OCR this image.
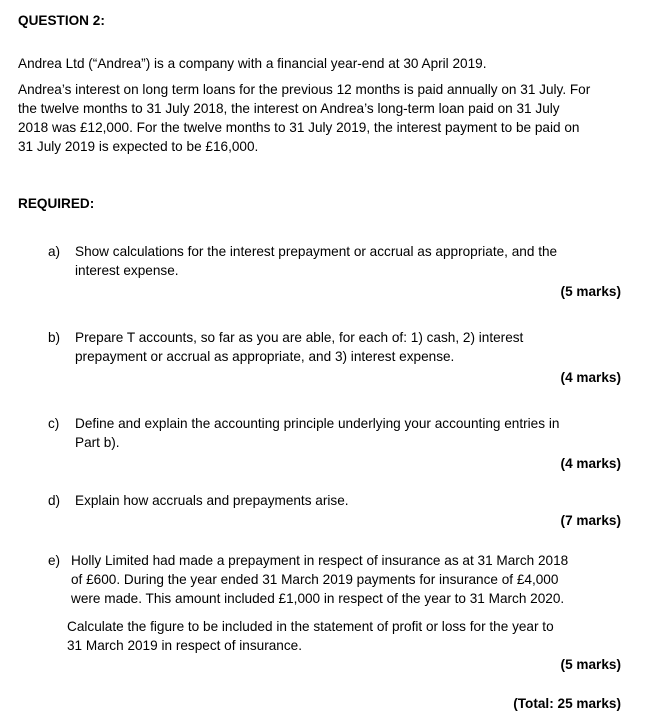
QUESTION 2:
Andrea Ltd (“Andrea”) is a company with a financial year-end at 30 April 2019.
Andrea’s interest on long term loans for the previous 12 months is paid annually on 31 July. For
the twelve months to 31 July 2018, the interest on Andrea’s long-term loan paid on 31 July
2018 was £12,000. For the twelve months to 31 July 2019, the interest payment to be paid on
31 July 2019 is expected to be £16,000.
REQUIRED:
a)	Show calculations for the interest prepayment or accrual as appropriate, and the
interest expense.
(5 marks)
b)	Prepare T accounts, so far as you are able, for each of: 1) cash, 2) interest
prepayment or accrual as appropriate, and 3) interest expense.
(4 marks)
c)	Define and explain the accounting principle underlying your accounting entries in
Part b).
(4 marks)
d)	Explain how accruals and prepayments arise.
(7 marks)
e) Holly Limited had made a prepayment in respect of insurance as at 31 March 2018
of £600. During the year ended 31 March 2019 payments for insurance of £4,000
were made. This amount included £1,000 in respect of the year to 31 March 2020.
Calculate the figure to be included in the statement of profit or loss for the year to
31 March 2019 in respect of insurance.
(5 marks)
(Total: 25 marks)
